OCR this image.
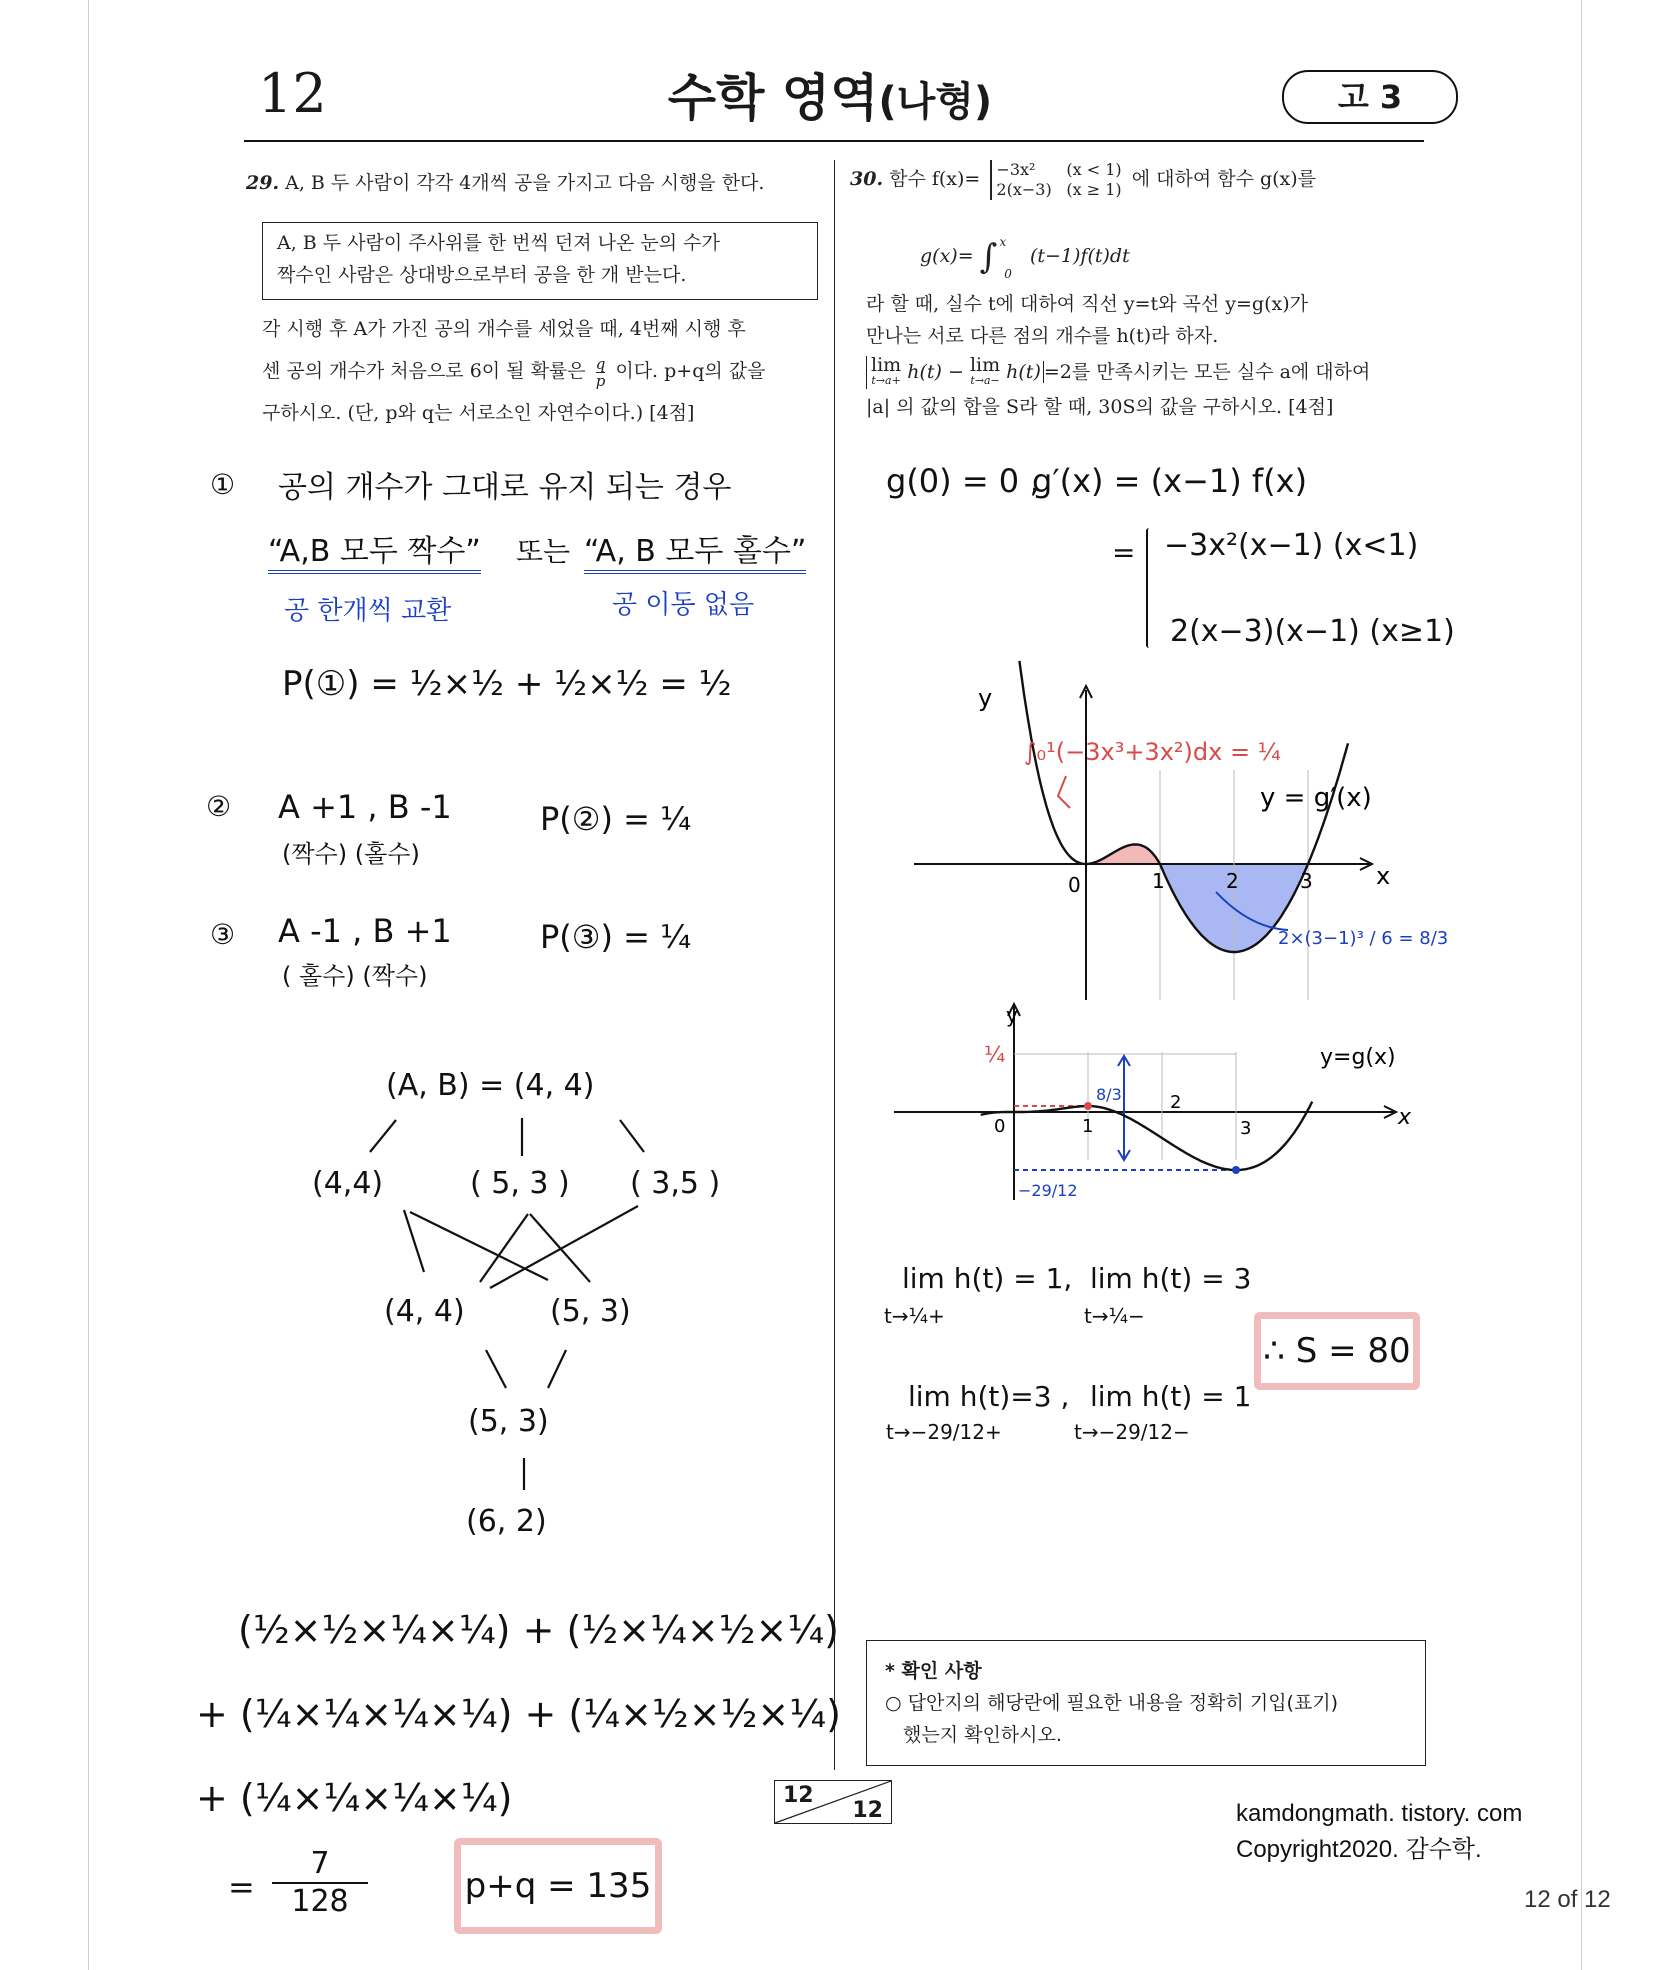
12	수학 영역(나형)	고 3
29. A, B 두 사람이 각각 4개씩 공을 가지고 다음 시행을 한다.
A, B 두 사람이 주사위를 한 번씩 던져 나온 눈의 수가
짝수인 사람은 상대방으로부터 공을 한 개 받는다.
각 시행 후 A가 가진 공의 개수를 세었을 때, 4번째 시행 후
센 공의 개수가 처음으로 6이 될 확률은 $\frac{q}{p}$ 이다. p+q의 값을
구하시오. (단, p와 q는 서로소인 자연수이다.) [4점]
30. 함수 f(x)= −3x² (x < 1)
2(x−3) (x ≥ 1) 에 대하여 함수 g(x)를
g(x)= ∫ $^x$ $_0$ (t−1)f(t)dt
라 할 때, 실수 t에 대하여 직선 y=t와 곡선 y=g(x)가
만나는 서로 다른 점의 개수를 h(t)라 하자.
lim
t→a+ h(t) − lim
t→a− h(t) =2를 만족시키는 모든 실수 a에 대하여
|a| 의 값의 합을 S라 할 때, 30S의 값을 구하시오. [4점]
① 공의 개수가 그대로 유지 되는 경우
“A,B 모두 짝수” 또는 “A, B 모두 홀수”
공 한개씩 교환	공 이동 없음
P(①) = ½×½ + ½×½ = ½
② A +1 , B -1
(짝수) (홀수)
P(②) = ¼
③ A -1 , B +1
( 홀수) (짝수)
P(③) = ¼
(A, B) = (4, 4)
(4,4)	( 5, 3 ) ( 3,5 )
(4, 4)	(5, 3)
(5, 3)
(6, 2)
(½×½×¼×¼) + (½×¼×½×¼)
+ (¼×¼×¼×¼) + (¼×½×½×¼)
+ (¼×¼×¼×¼)
= $\frac{7}{128}$	p+q = 135
g(0) = 0 ,
g′(x) = (x−1) f(x)
= −3x²(x−1) (x<1)
2(x−3)(x−1) (x≥1)
y
x
0	1	2	3
y = g′(x)
∫₀¹(−3x³+3x²)dx = ¼
2×(3−1)³ / 6 = 8/3
y
x
0	1
2
3
¼
−29/12
8/3
y=g(x)
lim h(t) = 1,
t→¼+
lim h(t) = 3
t→¼−
lim h(t)=3 ,
t→−29/12+
lim h(t) = 1
t→−29/12−
∴ S = 80
* 확인 사항
○ 답안지의 해당란에 필요한 내용을 정확히 기입(표기)
했는지 확인하시오.
12
12	kamdongmath. tistory. com
Copyright2020. 감수학.
12 of 12
